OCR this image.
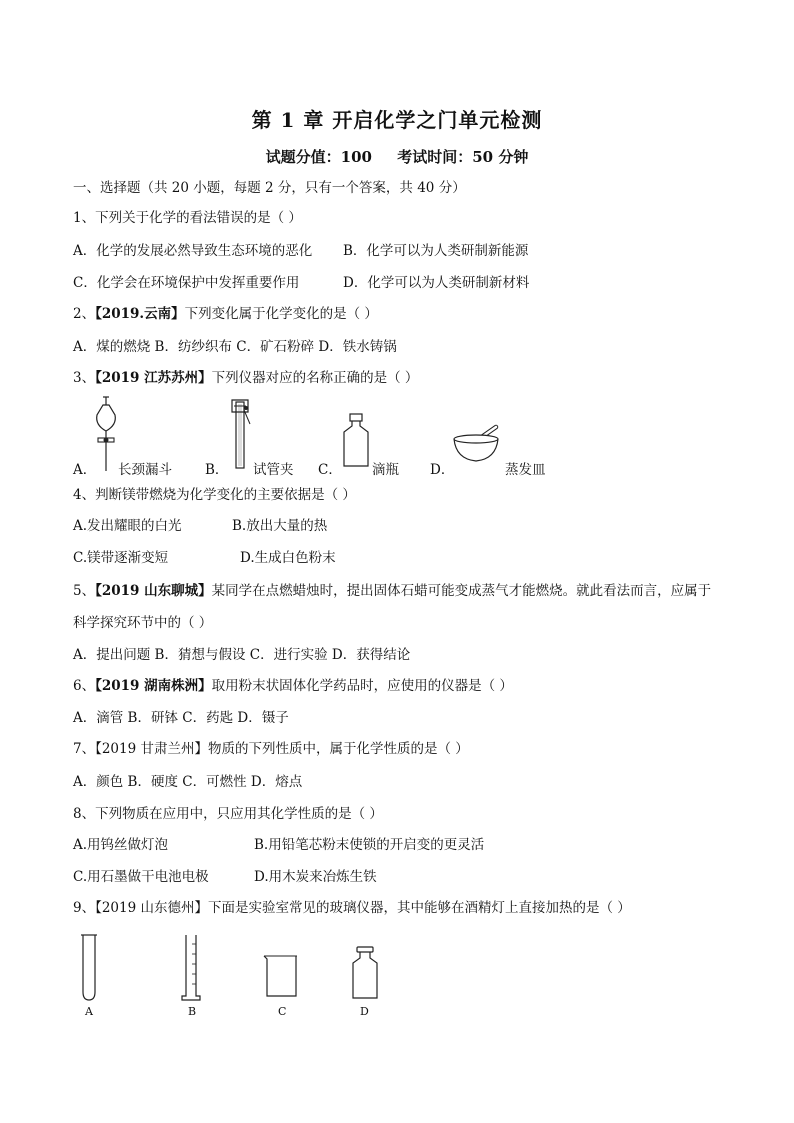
第 1 章 开启化学之门单元检测
试题分值：100 考试时间：50 分钟
一、选择题（共 20 小题，每题 2 分，只有一个答案，共 40 分）
1、下列关于化学的看法错误的是（ ）
A．化学的发展必然导致生态环境的恶化 B．化学可以为人类研制新能源
C．化学会在环境保护中发挥重要作用	D．化学可以为人类研制新材料
2、【2019.云南】下列变化属于化学变化的是（ ）
A．煤的燃烧 B．纺纱织布 C．矿石粉碎 D．铁水铸锅
3、【2019 江苏苏州】下列仪器对应的名称正确的是（ ）
A． 长颈漏斗 B． 试管夹 C． 滴瓶 D．	蒸发皿
4、判断镁带燃烧为化学变化的主要依据是（ ）
A.发出耀眼的白光	B.放出大量的热
C.镁带逐渐变短	D.生成白色粉末
5、【2019 山东聊城】某同学在点燃蜡烛时，提出固体石蜡可能变成蒸气才能燃烧。就此看法而言，应属于
科学探究环节中的（ ）
A．提出问题 B．猜想与假设 C．进行实验 D．获得结论
6、【2019 湖南株洲】取用粉末状固体化学药品时，应使用的仪器是（ ）
A．滴管 B．研钵 C．药匙 D．镊子
7、【2019 甘肃兰州】物质的下列性质中，属于化学性质的是（ ）
A．颜色 B．硬度 C．可燃性 D．熔点
8、下列物质在应用中，只应用其化学性质的是（ ）
A.用钨丝做灯泡	B.用铅笔芯粉末使锁的开启变的更灵活
C.用石墨做干电池电极	D.用木炭来冶炼生铁
9、【2019 山东德州】下面是实验室常见的玻璃仪器，其中能够在酒精灯上直接加热的是（ ）
A	B	C	D
